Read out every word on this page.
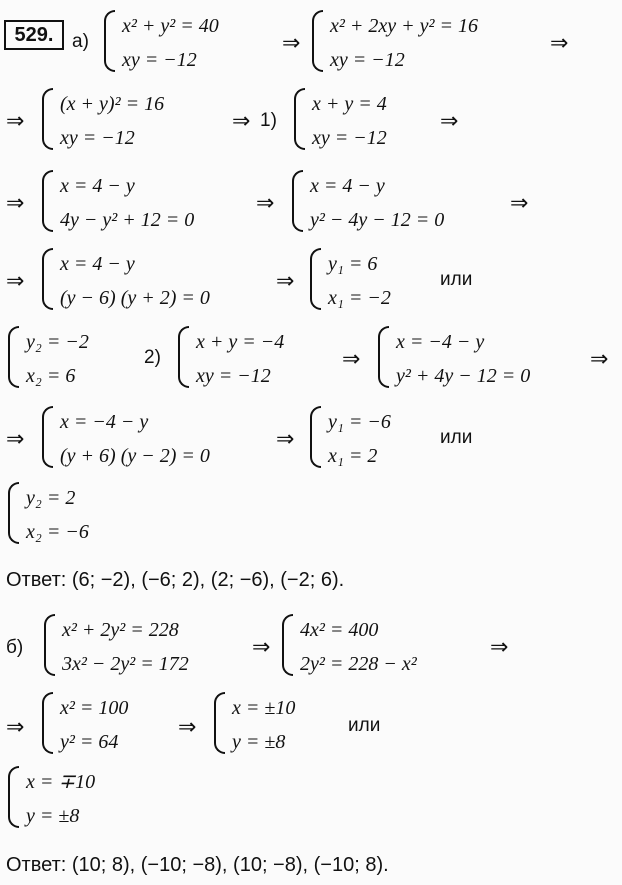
529. а)
x² + y² = 40
xy = −12
⇒
x² + 2xy + y² = 16
xy = −12
⇒
⇒
(x + y)² = 16
xy = −12
⇒ 1)
x + y = 4
xy = −12
⇒
⇒
x = 4 − y
4y − y² + 12 = 0
⇒
x = 4 − y
y² − 4y − 12 = 0
⇒
⇒
x = 4 − y
(y − 6) (y + 2) = 0
⇒
y₁ = 6
x₁ = −2
или
y₂ = −2
x₂ = 6
2)
x + y = −4
xy = −12
⇒
x = −4 − y
y² + 4y − 12 = 0
⇒
⇒
x = −4 − y
(y + 6) (y − 2) = 0
⇒
y₁ = −6
x₁ = 2
или
y₂ = 2
x₂ = −6
Ответ: (6; −2), (−6; 2), (2; −6), (−2; 6).
б)
x² + 2y² = 228
3x² − 2y² = 172
⇒
4x² = 400
2y² = 228 − x²
⇒
⇒
x² = 100
y² = 64
⇒
x = ±10
y = ±8
или
x = ∓10
y = ±8
Ответ: (10; 8), (−10; −8), (10; −8), (−10; 8).
